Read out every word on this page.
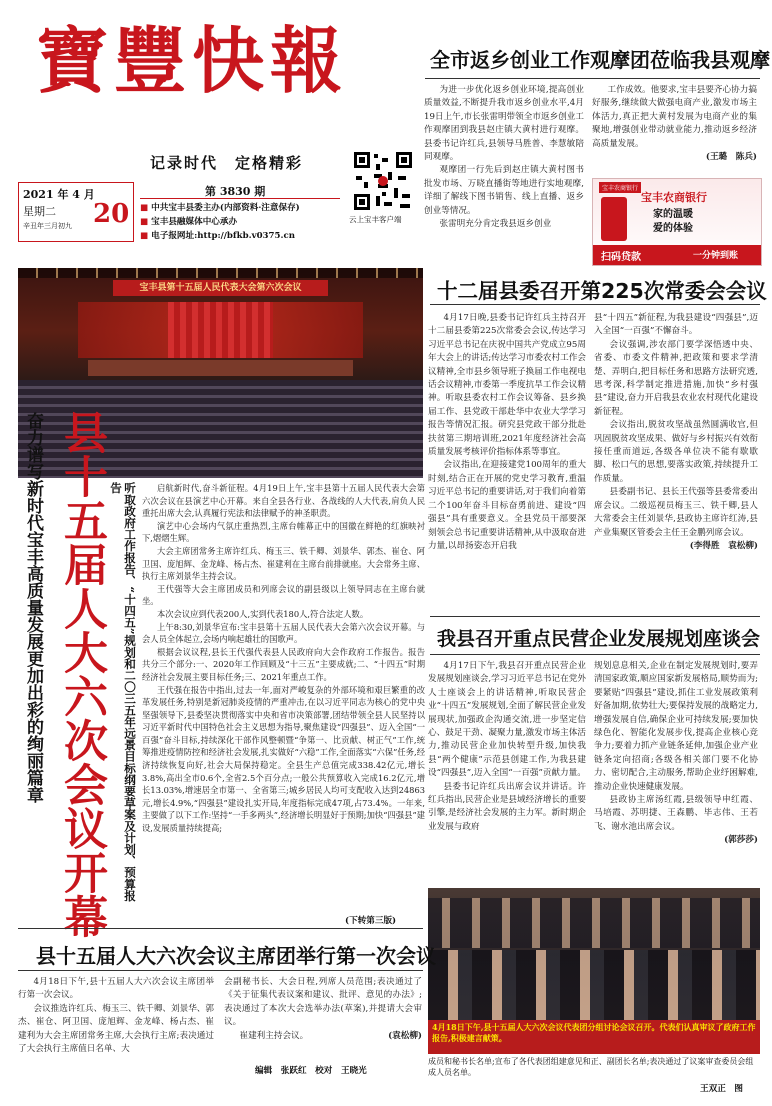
寶豐快報
记录时代　定格精彩
2021 年 4 月
星期二
辛丑年三月初九 20
第 3830 期
■ 中共宝丰县委主办(内部资料·注意保存)
■ 宝丰县融媒体中心承办
■ 电子报网址:http://bfkb.v0375.cn
云上宝丰客户端
全市返乡创业工作观摩团莅临我县观摩

为进一步优化返乡创业环境,提高创业质量效益,不断提升我市返乡创业水平,4月19日上午,市长张雷明带领全市返乡创业工作观摩团到我县赵庄镇大黄村进行观摩。县委书记许红兵,县领导马胜普、李慧敏陪同观摩。

观摩团一行先后到赵庄镇大黄村图书批发市场、万晓直播街等地进行实地观摩,详细了解线下图书销售、线上直播、返乡创业等情况。

张雷明充分肯定我县返乡创业

工作成效。他要求,宝丰县要齐心协力搞好服务,继续做大做强电商产业,激发市场主体活力,真正把大黄村发展为电商产业的集聚地,增强创业带动就业能力,推动返乡经济高质量发展。

(王璐　陈兵)
宝丰农商银行
宝丰农商银行
家的温暖
爱的体验
扫码贷款	一分钟到账
宝丰县第十五届人民代表大会第六次会议
奋力谱写新时代宝丰高质量发展更加出彩的绚丽篇章 县十五届人大六次会议开幕	听取政府工作报告、“十四五”规划和二〇三五年远景目标纲要草案及计划、预算报告	启航新时代,奋斗新征程。4月19日上午,宝丰县第十五届人民代表大会第六次会议在县演艺中心开幕。来自全县各行业、各战线的人大代表,肩负人民重托出席大会,认真履行宪法和法律赋予的神圣职责。

演艺中心会场内气氛庄重热烈,主席台帷幕正中的国徽在鲜艳的红旗映衬下,熠熠生辉。

大会主席团常务主席许红兵、梅玉三、铁千卿、刘景华、郭杰、崔仓、阿卫国、庞旭辉、金龙峰、杨占杰、崔建利在主席台前排就座。大会常务主席、执行主席刘景华主持会议。

王代强等大会主席团成员和列席会议的副县级以上领导同志在主席台就坐。

本次会议应到代表200人,实到代表180人,符合法定人数。

上午8:30,刘景华宣布:宝丰县第十五届人民代表大会第六次会议开幕。与会人员全体起立,会场内响起雄壮的国歌声。

根据会议议程,县长王代强代表县人民政府向大会作政府工作报告。报告共分三个部分:一、2020年工作回顾及“十三五”主要成就;二、“十四五”时期经济社会发展主要目标任务;三、2021年重点工作。

王代强在报告中指出,过去一年,面对严峻复杂的外部环境和艰巨繁重的改革发展任务,特别是新冠肺炎疫情的严重冲击,在以习近平同志为核心的党中央坚强领导下,县委坚决贯彻落实中央和省市决策部署,团结带领全县人民坚持以习近平新时代中国特色社会主义思想为指导,聚焦建设“四强县”、迈入全国“一百强”奋斗目标,持续深化干部作风整顿暨“争第一、比贡献、树正气”工作,统筹推进疫情防控和经济社会发展,扎实做好“六稳”工作,全面落实“六保”任务,经济持续恢复向好,社会大局保持稳定。全县生产总值完成338.42亿元,增长3.8%,高出全市0.6个,全省2.5个百分点;一般公共预算收入完成16.2亿元,增长13.03%,增速居全市第一、全省第三;城乡居民人均可支配收入达到24863元,增长4.9%,“四强县”建设扎实开局,年度指标完成47项,占73.4%。一年来,主要做了以下工作:坚持“一手多两头”,经济增长明显好于预期;加快“四强县”建设,发展质量持续提高;

(下转第三版)
十二届县委召开第225次常委会会议

4月17日晚,县委书记许红兵主持召开十二届县委第225次常委会会议,传达学习习近平总书记在庆祝中国共产党成立95周年大会上的讲话;传达学习市委农村工作会议精神,全市县乡领导班子换届工作电视电话会议精神,市委第一季度抗旱工作会议精神。听取县委农村工作会议筹备、县乡换届工作、县党政干部赴华中农业大学学习报告等情况汇报。研究县党政干部分批赴扶贫第三期培训班,2021年度经济社会高质量发展考核评价指标体系等事宜。

会议指出,在迎接建党100周年的重大时刻,结合正在开展的党史学习教育,重温习近平总书记的重要讲话,对于我们向着第二个100年奋斗目标奋勇前进、建设“四强县”具有重要意义。全县党员干部要深刻领会总书记重要讲话精神,从中汲取奋进力量,以昂扬姿态开启我

县“十四五”新征程,为我县建设“四强县”,迈入全国“一百强”不懈奋斗。

会议强调,涉农部门要学深悟透中央、省委、市委文件精神,把政策和要求学清楚、弄明白,把目标任务和思路方法研究透,思考深,科学制定推进措施,加快“乡村强县”建设,奋力开启我县农业农村现代化建设新征程。

会议指出,脱贫攻坚战虽然圆满收官,但巩固脱贫攻坚成果、做好与乡村振兴有效衔接任重而道远,各级各单位决不能有歇歇脚、松口气的思想,要落实政策,持续提升工作质量。

县委副书记、县长王代强等县委常委出席会议。二级巡视员梅玉三、铁千卿,县人大常委会主任刘景华,县政协主席许红涛,县产业集聚区管委会主任王金鹏列席会议。

(李得胜　袁松柳)
我县召开重点民营企业发展规划座谈会

4月17日下午,我县召开重点民营企业发展规划座谈会,学习习近平总书记在党外人士座谈会上的讲话精神,听取民营企业“十四五”发展规划,全面了解民营企业发展现状,加强政企沟通交流,进一步坚定信心、鼓足干劲、凝聚力量,激发市场主体活力,推动民营企业加快转型升级,加快我县“两个健康”示范县创建工作,为我县建设“四强县”,迈入全国“一百强”贡献力量。

县委书记许红兵出席会议并讲话。许红兵指出,民营企业是县域经济增长的重要引擎,是经济社会发展的主力军。新时期企业发展与政府

规划息息相关,企业在制定发展规划时,要弄清国家政策,顺应国家新发展格局,顺势而为;要紧贴“四强县”建设,抓住工业发展政策利好备加期,依势壮大;要保持发展的战略定力,增强发展自信,确保企业可持续发展;要加快绿色化、智能化发展步伐,提高企业核心竞争力;要着力抓产业链条延伸,加强企业产业链条定向招商;各级各相关部门要不化协力、密切配合,主动服务,帮助企业纾困解难,推动企业快速健康发展。

县政协主席汤红霞,县级领导申红霞、马培霞、苏明捷、王森鹏、毕志伟、王若飞、谢水池出席会议。

(郭莎莎)
4月18日下午,县十五届人大六次会议代表团分组讨论会议召开。代表们认真审议了政府工作报告,积极建言献策。
成员和秘书长名单;宣布了各代表团组建意见和正、副团长名单;表决通过了议案审查委员会组成人员名单。
王双正　图
县十五届人大六次会议主席团举行第一次会议

4月18日下午,县十五届人大六次会议主席团举行第一次会议。

会议推选许红兵、梅玉三、铁千卿、刘景华、郭杰、崔仓、阿卫国、庞旭辉、金龙峰、杨占杰、崔建利为大会主席团常务主席,大会执行主席;表决通过了大会执行主席值日名单、大

会副秘书长、大会日程,列席人员范围;表决通过了《关于征集代表议案和建议、批评、意见的办法》;表决通过了本次大会选举办法(草案),并提请大会审议。

崔建利主持会议。	(袁松柳)

编辑　张跃红　校对　王晓光
